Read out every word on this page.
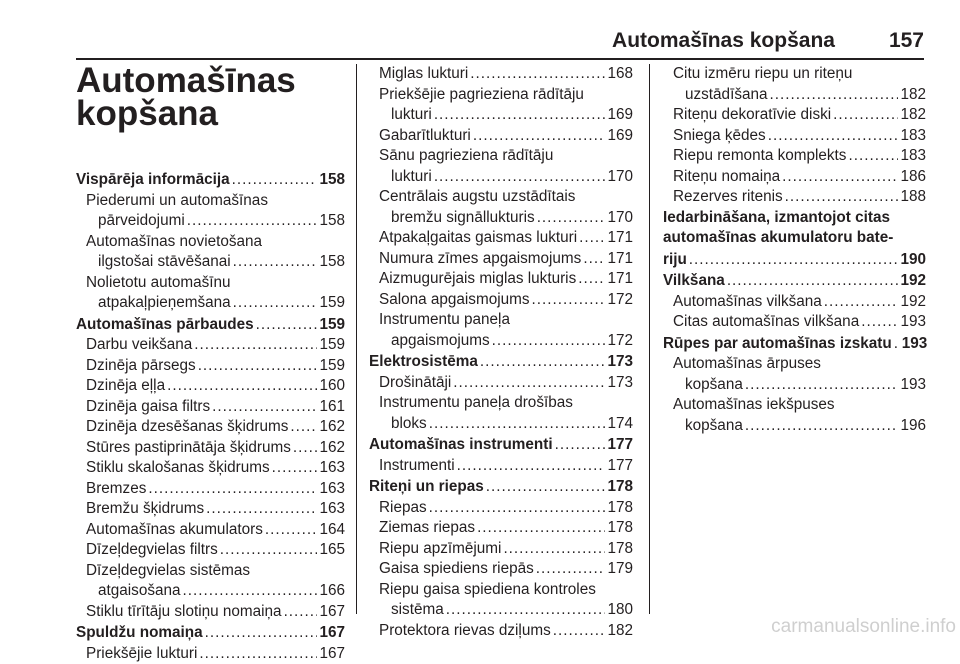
Automašīnas kopšana	157
Automašīnas kopšana
Vispārēja informācija .....	158
Piederumi un automašīnas
pārveidojumi .....	158
Automašīnas novietošana
ilgstošai stāvēšanai .....	158
Nolietotu automašīnu
atpakaļpieņemšana .....	159
Automašīnas pārbaudes .....	159
Darbu veikšana .....	159
Dzinēja pārsegs .....	159
Dzinēja eļļa .....	160
Dzinēja gaisa filtrs .....	161
Dzinēja dzesēšanas šķidrums ..... 162
Stūres pastiprinātāja šķidrums ..... 162
Stiklu skalošanas šķidrums .....	163
Bremzes .....	163
Bremžu šķidrums .....	163
Automašīnas akumulators .....	164
Dīzeļdegvielas filtrs .....	165
Dīzeļdegvielas sistēmas
atgaisošana .....	166
Stiklu tīrītāju slotiņu nomaiņa ..... 167
Spuldžu nomaiņa .....	167
Priekšējie lukturi .....	167
Miglas lukturi .....	168
Priekšējie pagrieziena rādītāju
lukturi .....	169
Gabarītlukturi .....	169
Sānu pagrieziena rādītāju
lukturi .....	170
Centrālais augstu uzstādītais
bremžu signāllukturis .....	170
Atpakaļgaitas gaismas lukturi ..... 171
Numura zīmes apgaismojums ..... 171
Aizmugurējais miglas lukturis ..... 171
Salona apgaismojums .....	172
Instrumentu paneļa
apgaismojums .....	172
Elektrosistēma .....	173
Drošinātāji .....	173
Instrumentu paneļa drošības
bloks .....	174
Automašīnas instrumenti .....	177
Instrumenti .....	177
Riteņi un riepas .....	178
Riepas .....	178
Ziemas riepas .....	178
Riepu apzīmējumi .....	178
Gaisa spiediens riepās .....	179
Riepu gaisa spiediena kontroles
sistēma .....	180
Protektora rievas dziļums .....	182
Citu izmēru riepu un riteņu
uzstādīšana .....	182
Riteņu dekoratīvie diski .....	182
Sniega ķēdes .....	183
Riepu remonta komplekts .....	183
Riteņu nomaiņa .....	186
Rezerves ritenis .....	188
Iedarbināšana, izmantojot citas
automašīnas akumulatoru bate-
riju .....	190
Vilkšana .....	192
Automašīnas vilkšana .....	192
Citas automašīnas vilkšana .....	193
Rūpes par automašīnas izskatu ..... 193
Automašīnas ārpuses
kopšana .....	193
Automašīnas iekšpuses
kopšana .....	196
carmanualsonline.info
